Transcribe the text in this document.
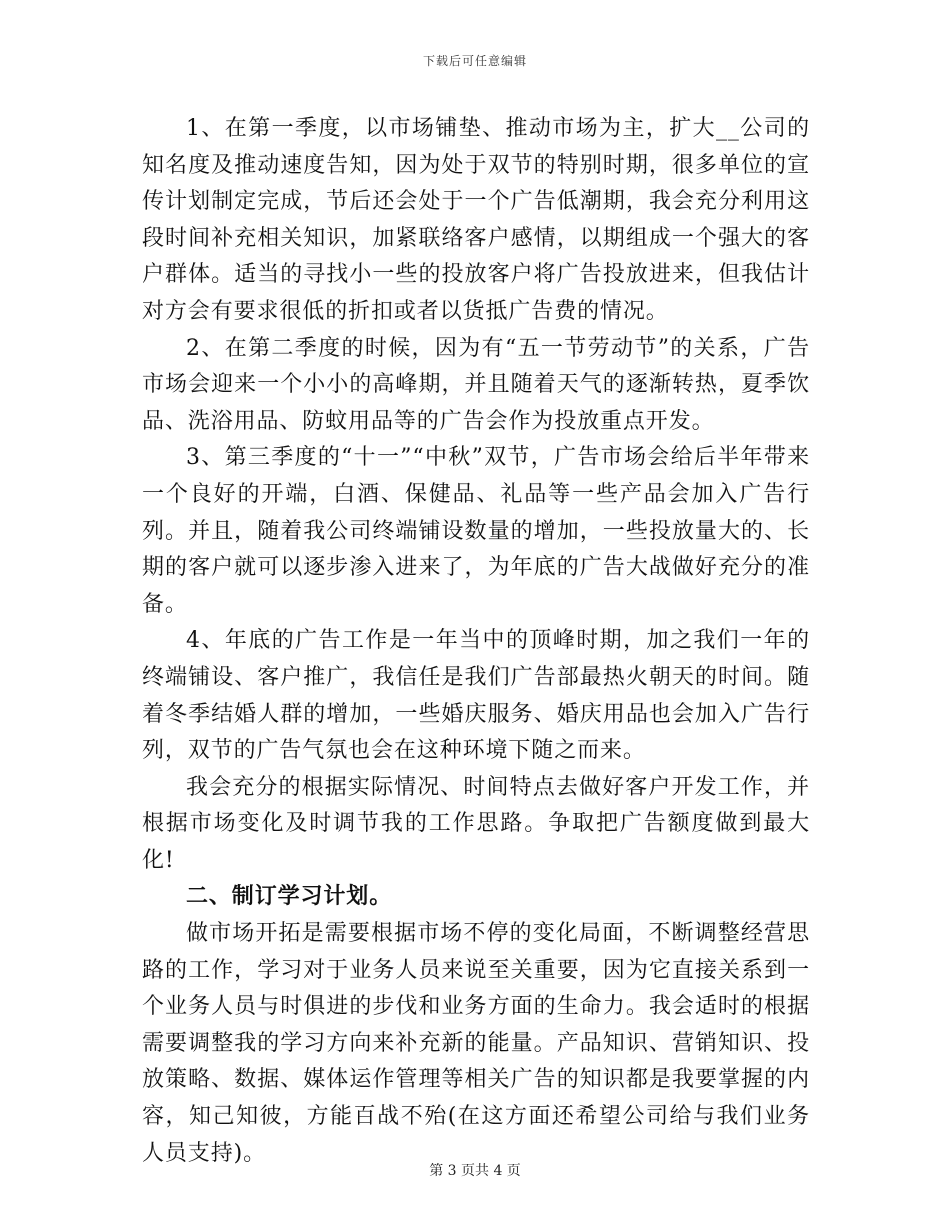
下载后可任意编辑

1、在第一季度，以市场铺垫、推动市场为主，扩大__公司的知名度及推动速度告知，因为处于双节的特别时期，很多单位的宣传计划制定完成，节后还会处于一个广告低潮期，我会充分利用这段时间补充相关知识，加紧联络客户感情，以期组成一个强大的客户群体。适当的寻找小一些的投放客户将广告投放进来，但我估计对方会有要求很低的折扣或者以货抵广告费的情况。

2、在第二季度的时候，因为有“五一节劳动节”的关系，广告市场会迎来一个小小的高峰期，并且随着天气的逐渐转热，夏季饮品、洗浴用品、防蚊用品等的广告会作为投放重点开发。

3、第三季度的“十一”“中秋”双节，广告市场会给后半年带来一个良好的开端，白酒、保健品、礼品等一些产品会加入广告行列。并且，随着我公司终端铺设数量的增加，一些投放量大的、长期的客户就可以逐步渗入进来了，为年底的广告大战做好充分的准备。

4、年底的广告工作是一年当中的顶峰时期，加之我们一年的终端铺设、客户推广，我信任是我们广告部最热火朝天的时间。随着冬季结婚人群的增加，一些婚庆服务、婚庆用品也会加入广告行列，双节的广告气氛也会在这种环境下随之而来。

我会充分的根据实际情况、时间特点去做好客户开发工作，并根据市场变化及时调节我的工作思路。争取把广告额度做到最大化!

二、制订学习计划。

做市场开拓是需要根据市场不停的变化局面，不断调整经营思路的工作，学习对于业务人员来说至关重要，因为它直接关系到一个业务人员与时俱进的步伐和业务方面的生命力。我会适时的根据需要调整我的学习方向来补充新的能量。产品知识、营销知识、投放策略、数据、媒体运作管理等相关广告的知识都是我要掌握的内容，知己知彼，方能百战不殆(在这方面还希望公司给与我们业务人员支持)。

第 3 页共 4 页
